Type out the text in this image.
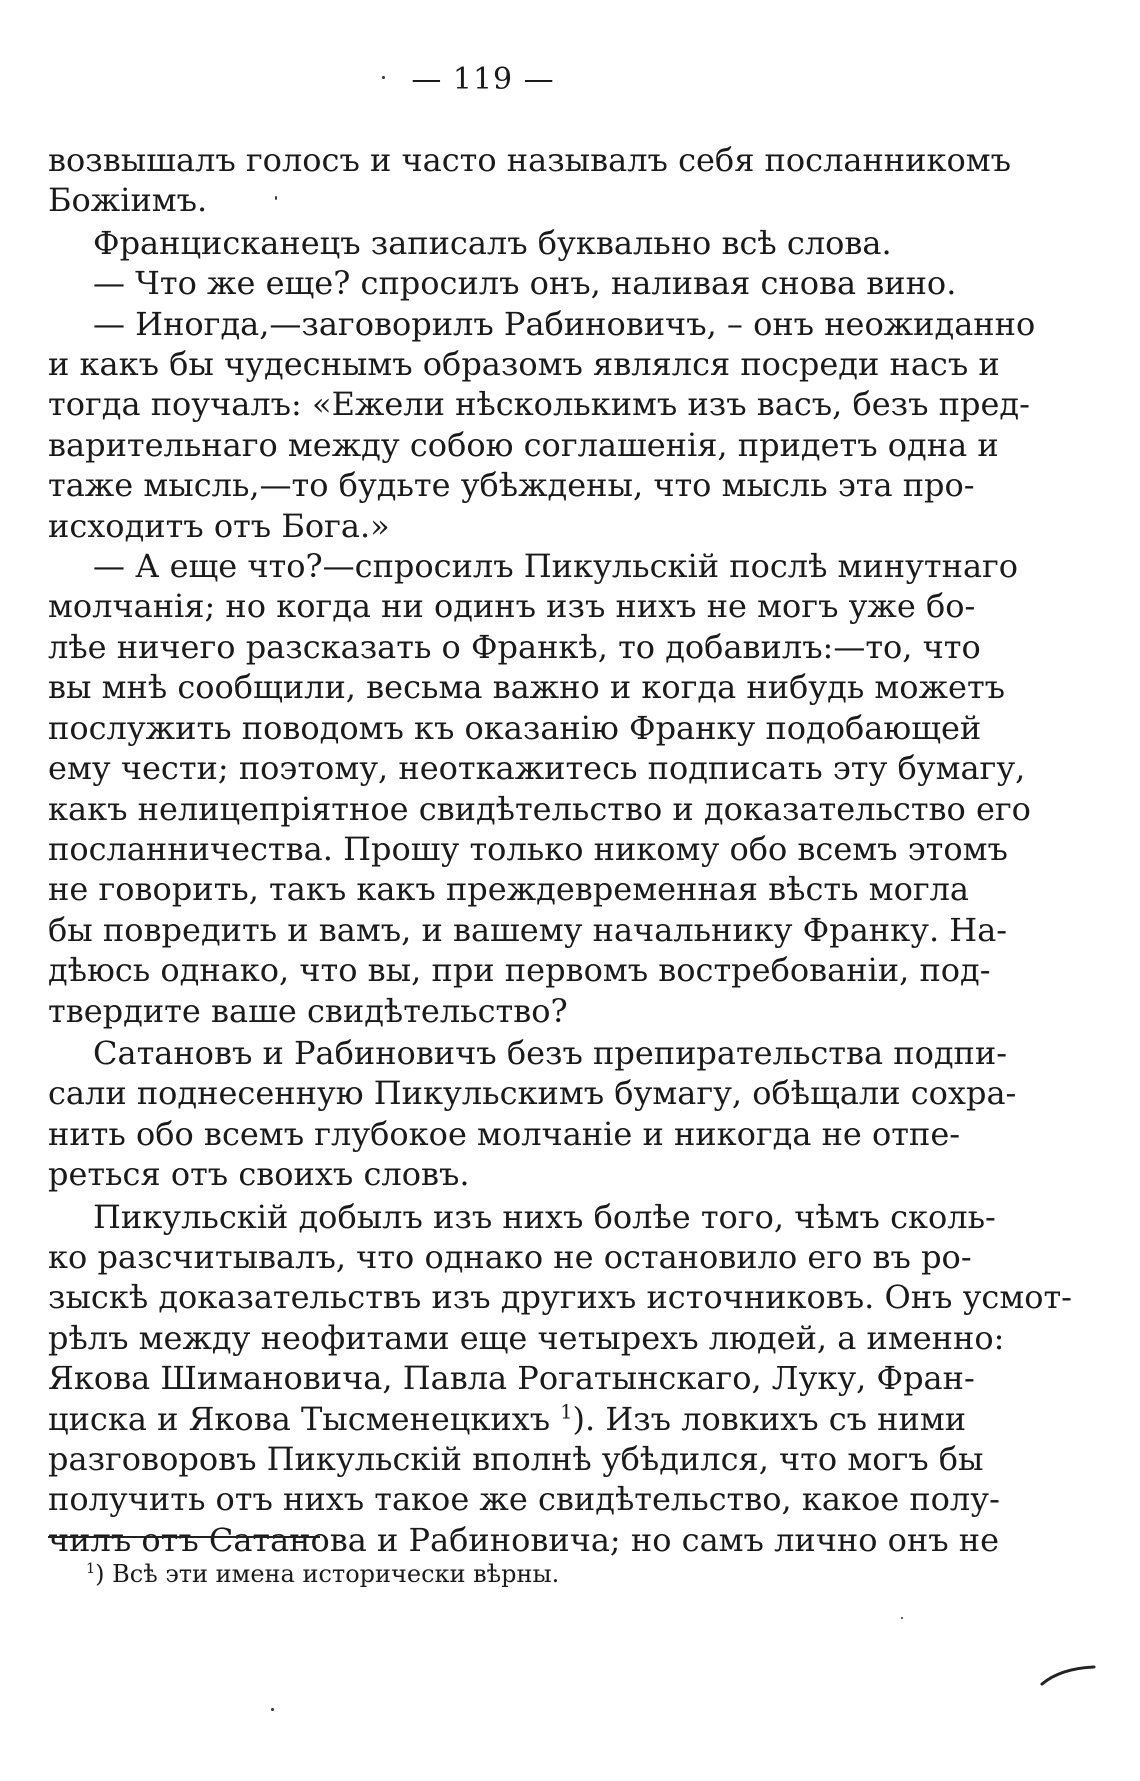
— 119 —

возвышалъ голосъ и часто называлъ себя посланникомъ
Божіимъ.

Францисканецъ записалъ буквально всѣ слова.

— Что же еще? спросилъ онъ, наливая снова вино.

— Иногда,—заговорилъ Рабиновичъ, – онъ неожиданно
и какъ бы чудеснымъ образомъ являлся посреди насъ и
тогда поучалъ: «Ежели нѣсколькимъ изъ васъ, безъ пред-
варительнаго между собою соглашенія, придетъ одна и
таже мысль,—то будьте убѣждены, что мысль эта про-
исходитъ отъ Бога.»

— А еще что?—спросилъ Пикульскій послѣ минутнаго
молчанія; но когда ни одинъ изъ нихъ не могъ уже бо-
лѣе ничего разсказать о Франкѣ, то добавилъ:—то, что
вы мнѣ сообщили, весьма важно и когда нибудь можетъ
послужить поводомъ къ оказанію Франку подобающей
ему чести; поэтому, неоткажитесь подписать эту бумагу,
какъ нелицепріятное свидѣтельство и доказательство его
посланничества. Прошу только никому обо всемъ этомъ
не говорить, такъ какъ преждевременная вѣсть могла
бы повредить и вамъ, и вашему начальнику Франку. На-
дѣюсь однако, что вы, при первомъ востребованіи, под-
твердите ваше свидѣтельство?

Сатановъ и Рабиновичъ безъ препирательства подпи-
сали поднесенную Пикульскимъ бумагу, обѣщали сохра-
нить обо всемъ глубокое молчаніе и никогда не отпе-
реться отъ своихъ словъ.

Пикульскій добылъ изъ нихъ болѣе того, чѣмъ сколь-
ко разсчитывалъ, что однако не остановило его въ ро-
зыскѣ доказательствъ изъ другихъ источниковъ. Онъ усмот-
рѣлъ между неофитами еще четырехъ людей, а именно:
Якова Шимановича, Павла Рогатынскаго, Луку, Фран-
циска и Якова Тысменецкихъ $^1$). Изъ ловкихъ съ ними
разговоровъ Пикульскій вполнѣ убѣдился, что могъ бы
получить отъ нихъ такое же свидѣтельство, какое полу-
чилъ отъ Сатанова и Рабиновича; но самъ лично онъ не

$^1$) Всѣ эти имена исторически вѣрны.
